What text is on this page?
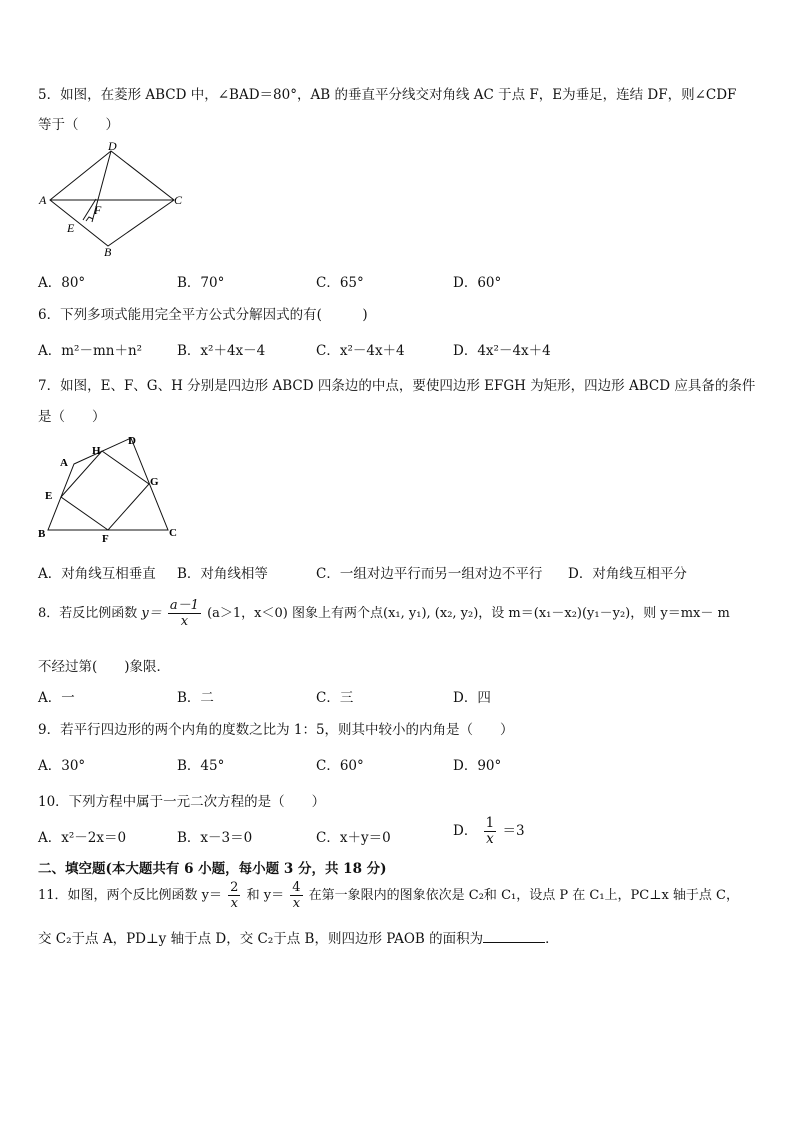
5．如图，在菱形 ABCD 中，∠BAD＝80°，AB 的垂直平分线交对角线 AC 于点 F，E为垂足，连结 DF，则∠CDF
等于（　　）
A
D
C
B
E
F
A．80°	B．70°	C．65°	D．60°
6．下列多项式能用完全平方公式分解因式的有(　　　)
A．m²－mn＋n²	B．x²＋4x－4	C．x²－4x＋4	D．4x²－4x＋4
7．如图，E、F、G、H 分别是四边形 ABCD 四条边的中点，要使四边形 EFGH 为矩形，四边形 ABCD 应具备的条件
是（　　）
A
D
H
E
G
B	F	C
A．对角线互相垂直 B．对角线相等	C．一组对边平行而另一组对边不平行 D．对角线互相平分
8．若反比例函数 $y= \frac{a-1}{x} (a>1$，x＜0) 图象上有两个点(x₁, y₁), (x₂, y₂)，设 m＝(x₁－x₂)(y₁－y₂)，则 y＝mx－ m
不经过第(　　)象限．
A．一	B．二	C．三	D．四
9．若平行四边形的两个内角的度数之比为 1：5，则其中较小的内角是（　　）
A．30°	B．45°	C．60°	D．90°
10．下列方程中属于一元二次方程的是（　　）
A．x²－2x＝0	B．x－3＝0	C．x＋y＝0	D． $\frac{1}{x} =3$
二、填空题(本大题共有 6 小题，每小题 3 分，共 18 分)
11．如图，两个反比例函数 $y= \frac{2}{x}$ 和 $y= \frac{4}{x}$ 在第一象限内的图象依次是 C₂和 C₁，设点 P 在 C₁上，PC⊥x 轴于点 C，
交 C₂于点 A，PD⊥y 轴于点 D，交 C₂于点 B，则四边形 PAOB 的面积为	．
